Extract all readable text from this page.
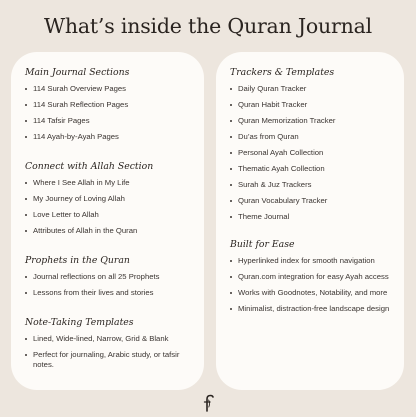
What’s inside the Quran Journal
Main Journal Sections
114 Surah Overview Pages
114 Surah Reflection Pages
114 Tafsir Pages
114 Ayah-by-Ayah Pages
Connect with Allah Section
Where I See Allah in My Life
My Journey of Loving Allah
Love Letter to Allah
Attributes of Allah in the Quran
Prophets in the Quran
Journal reflections on all 25 Prophets
Lessons from their lives and stories
Note-Taking Templates
Lined, Wide-lined, Narrow, Grid & Blank
Perfect for journaling, Arabic study, or tafsir notes.
Trackers & Templates
Daily Quran Tracker
Quran Habit Tracker
Quran Memorization Tracker
Du’as from Quran
Personal Ayah Collection
Thematic Ayah Collection
Surah & Juz Trackers
Quran Vocabulary Tracker
Theme Journal
Built for Ease
Hyperlinked index for smooth navigation
Quran.com integration for easy Ayah access
Works with Goodnotes, Notability, and more
Minimalist, distraction-free landscape design
